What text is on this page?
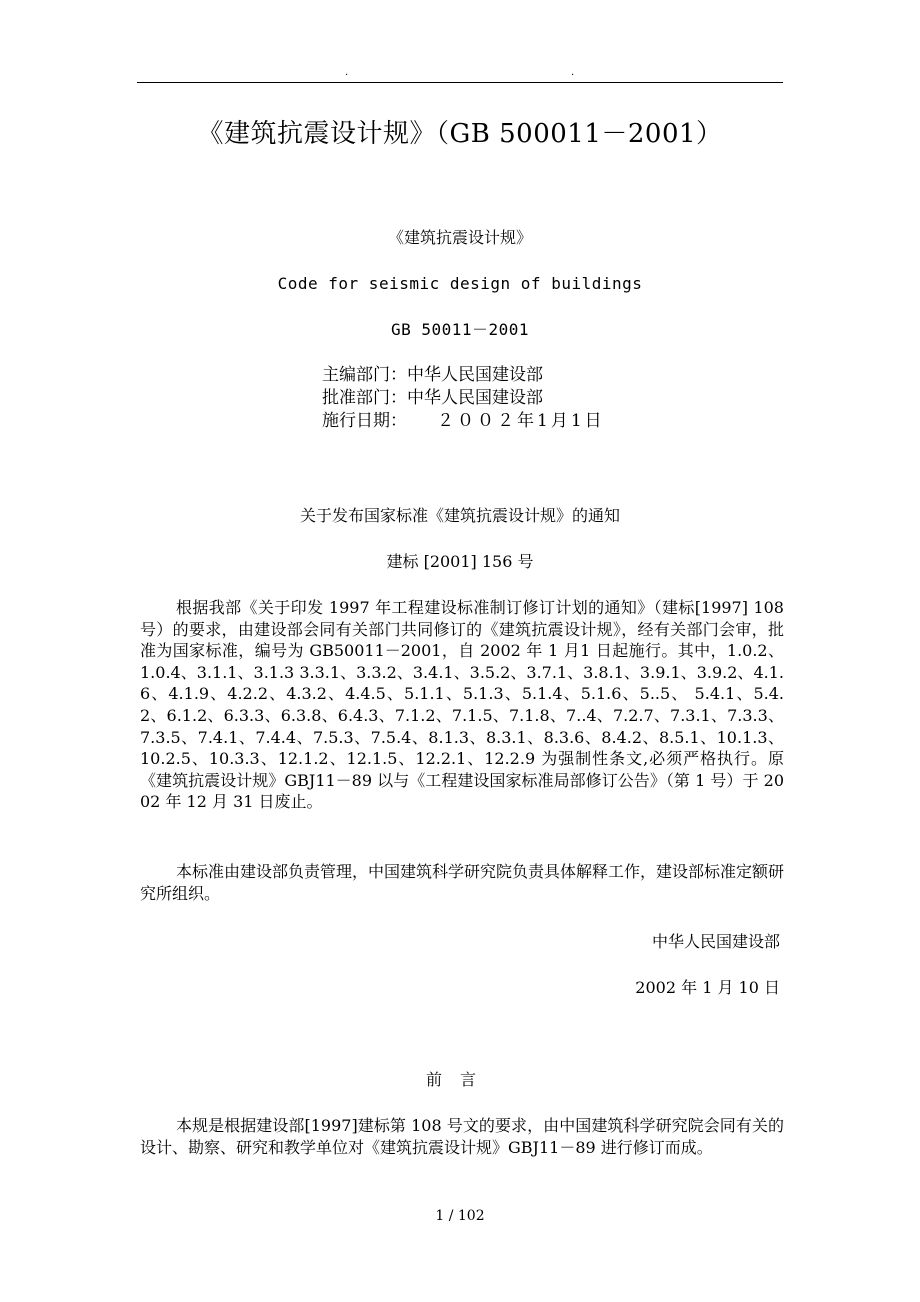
.	.
《建筑抗震设计规》（GB 500011－2001）
《建筑抗震设计规》
Code for seismic design of buildings
GB 50011－2001
主编部门：中华人民国建设部
批准部门：中华人民国建设部
施行日期： ２００２年1月1日
关于发布国家标准《建筑抗震设计规》的通知
建标 [2001] 156 号
根据我部《关于印发 1997 年工程建设标准制订修订计划的通知》（建标[1997] 108 号）的要求，由建设部会同有关部门共同修订的《建筑抗震设计规》，经有关部门会审，批准为国家标准，编号为 GB50011－2001，自 2002 年 1 月1 日起施行。其中，1.0.2、1.0.4、3.1.1、3.1.3 3.3.1、3.3.2、3.4.1、3.5.2、3.7.1、3.8.1、3.9.1、3.9.2、4.1.6、4.1.9、4.2.2、4.3.2、4.4.5、5.1.1、5.1.3、5.1.4、5.1.6、5..5、 5.4.1、5.4.2、6.1.2、6.3.3、6.3.8、6.4.3、7.1.2、7.1.5、7.1.8、7..4、7.2.7、7.3.1、7.3.3、7.3.5、7.4.1、7.4.4、7.5.3、7.5.4、8.1.3、8.3.1、8.3.6、8.4.2、8.5.1、10.1.3、10.2.5、10.3.3、12.1.2、12.1.5、12.2.1、12.2.9 为强制性条文,必须严格执行。原《建筑抗震设计规》GBJ11－89 以与《工程建设国家标准局部修订公告》（第 1 号）于 2002 年 12 月 31 日废止。
本标准由建设部负责管理，中国建筑科学研究院负责具体解释工作，建设部标准定额研究所组织。
中华人民国建设部
2002 年 1 月 10 日
前言
本规是根据建设部[1997]建标第 108 号文的要求，由中国建筑科学研究院会同有关的设计、勘察、研究和教学单位对《建筑抗震设计规》GBJ11－89 进行修订而成。
1 / 102
